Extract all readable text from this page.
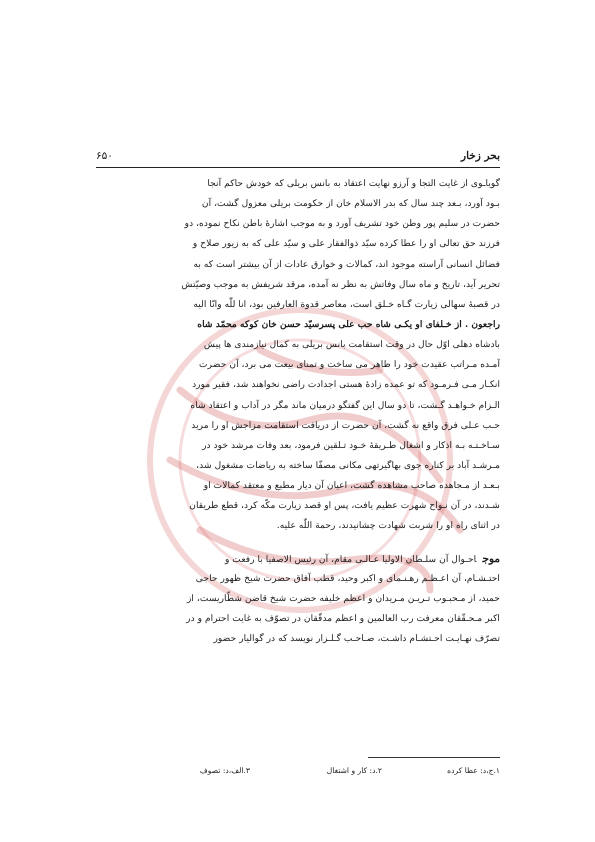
بحر زخار
۶۵۰
گویا‌ـوی از غایت التجا و آرزو نهایت اعتقاد به بانس بریلی که خودش حاکم آنجا
بـود آورد، بـعد چند سال که بدر الاسلام خان از حکومت بریلی معزول گشت، آن
حضرت در سلیم پور وطن خود تشریف آورد و به موجب اشارهٔ باطن نکاح نموده، دو
فرزند حق تعالی او را عطا کرده سیّد ذوالفقار علی و سیّد علی که به زیور صلاح و
فضائل انسانی آراسته موجود اند، کمالات و خوارق عادات از آن بیشتر است که به
تحریر آید، تاریخ و ماه سال وفاتش به نظر نه آمده، مرقد شریفش به موجب وصیّتش
در قصبهٔ سهالی زیارت گـاه خـلق است، معاصر قدوة العارفین بود، انا للّٰه وانّا الیه
راجعون . از خـلفای او یکـی شاه حب علی پسرسیّد حسن خان کوکه محمّد شاه
بادشاه دهلی اوّل حال در وقت استقامت بانس بریلی به کمال نیازمندی ها پیش
آمـده مـراتب عقیدت خود را ظاهر می ساخت و تمنای بیعت می برد، آن حضرت
انکـار مـی فـرمـود که تو عمده زادهٔ هستی اجدادت راضی نخواهند شد، فقیر مورد
الـزام خـواهـد گـشت، تا دو سال این گفتگو درمیان ماند مگر در آداب و اعتقاد شاه
حـب عـلی فرق واقع نه گشت، آن حضرت از دریافت استقامت مزاجش او را مرید
سـاخـتـه بـه اذکار و اشغال طـریقهٔ خـود تـلقین فرمود، بعد وفات مرشد خود در
مـرشـد آباد بر کناره جوی بهاگیرتهی مکانی مصفّا ساخته به ریاضات مشغول شد،
بـعـد از مـجاهده صاحب مشاهده گشت، اعیان آن دیار مطیع و معتقد کمالات او
شـدند، در آن نـواح شهرت عظیم یافت، پس او قصد زیارت مکّه کرد، قطع طریقان
در اثنای راه او را شربت شهادت چشانیدند، رحمة اللّٰه علیه.
موجاحـوال آن سلـطان الاولیا عـالـی مقام، آن رئیس الاصفیا با رفعت و
احتـشـام، آن اعـظـم رهـنـمای و اکبر وحید، قطب آفاق حضرت شیخ ظهور حاجی
حمید، از مـحبـوب تـریـن مـریدان و اعظم خلیفه حضرت شیخ قاضن شطّاریست، از
اکبر مـحـقّقان معرفت رب العالمین و اعظم مدقّقان در تصوّف به غایت احترام و در
تصرّف نهـایـت احـتشـام داشـت، صـاحـب گـلـزار نویسد که در گوالیار حضور
۱.ج،د: عطا کرده
۲.د: کار و اشتغال
۳.الف،د: تصوف
